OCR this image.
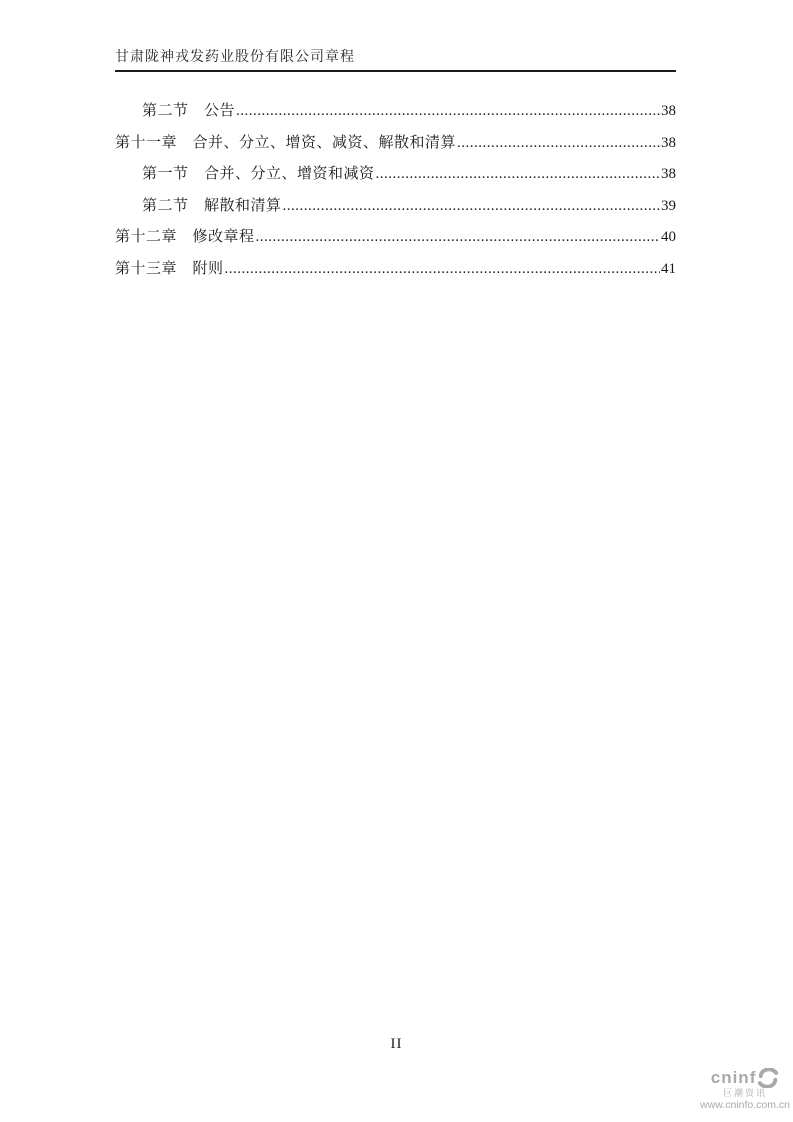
甘肃陇神戎发药业股份有限公司章程
第二节　公告 .....	38
第十一章　合并、分立、增资、减资、解散和清算 .....	38
第一节　合并、分立、增资和减资 .....	38
第二节　解散和清算 .....	39
第十二章　修改章程 .....	40
第十三章　附则 .....	41
II
cninf
巨潮资讯
www.cninfo.com.cn
